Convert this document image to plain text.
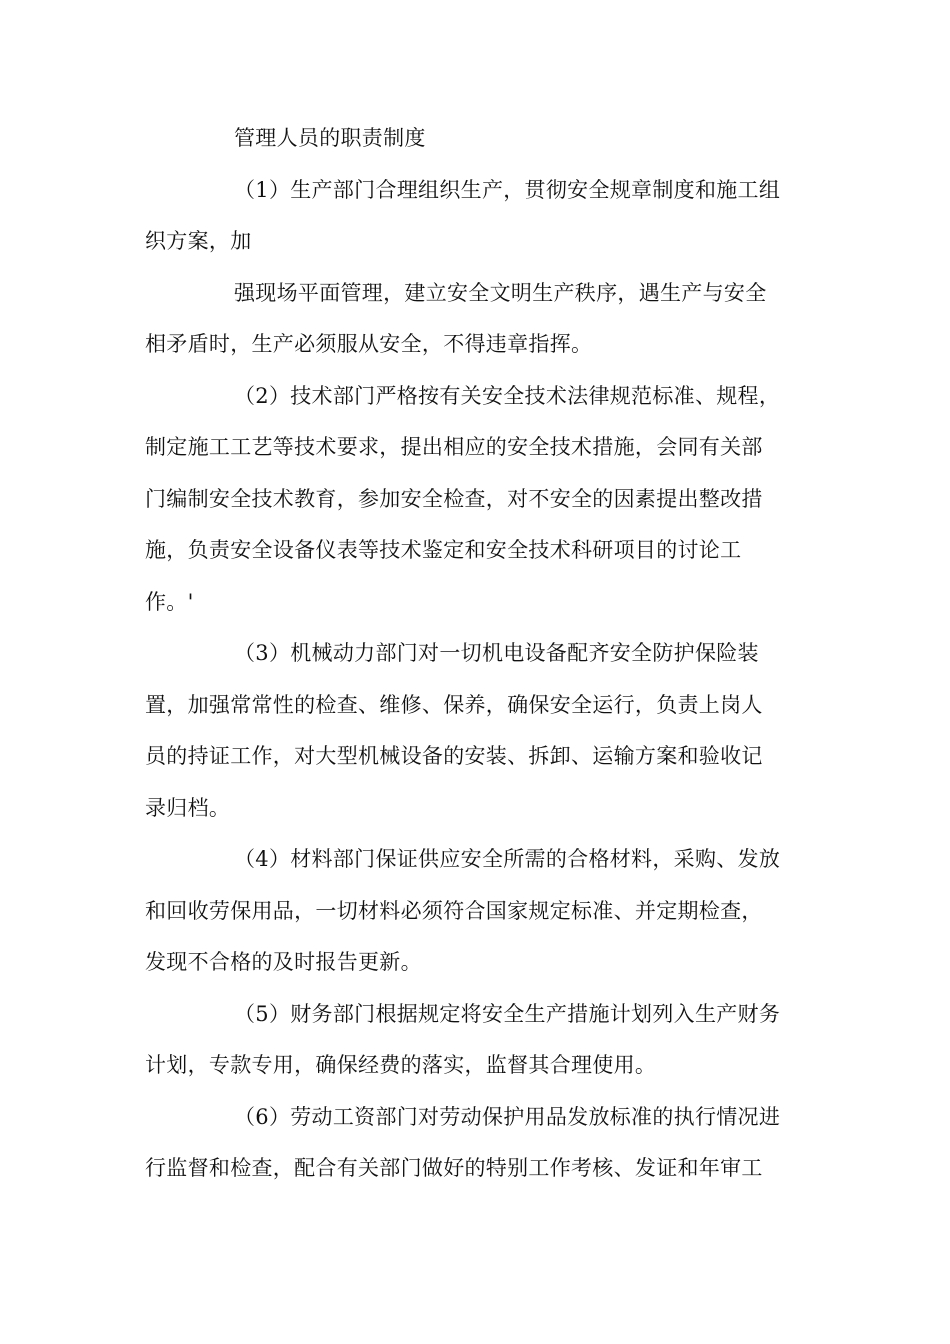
管理人员的职责制度
（1）生产部门合理组织生产，贯彻安全规章制度和施工组
织方案，加
强现场平面管理，建立安全文明生产秩序，遇生产与安全
相矛盾时，生产必须服从安全，不得违章指挥。
（2）技术部门严格按有关安全技术法律规范标准、规程，
制定施工工艺等技术要求，提出相应的安全技术措施，会同有关部
门编制安全技术教育，参加安全检查，对不安全的因素提出整改措
施，负责安全设备仪表等技术鉴定和安全技术科研项目的讨论工
作。'
（3）机械动力部门对一切机电设备配齐安全防护保险装
置，加强常常性的检查、维修、保养，确保安全运行，负责上岗人
员的持证工作，对大型机械设备的安装、拆卸、运输方案和验收记
录归档。
（4）材料部门保证供应安全所需的合格材料，采购、发放
和回收劳保用品，一切材料必须符合国家规定标准、并定期检查，
发现不合格的及时报告更新。
（5）财务部门根据规定将安全生产措施计划列入生产财务
计划，专款专用，确保经费的落实，监督其合理使用。
（6）劳动工资部门对劳动保护用品发放标准的执行情况进
行监督和检查，配合有关部门做好的特别工作考核、发证和年审工
